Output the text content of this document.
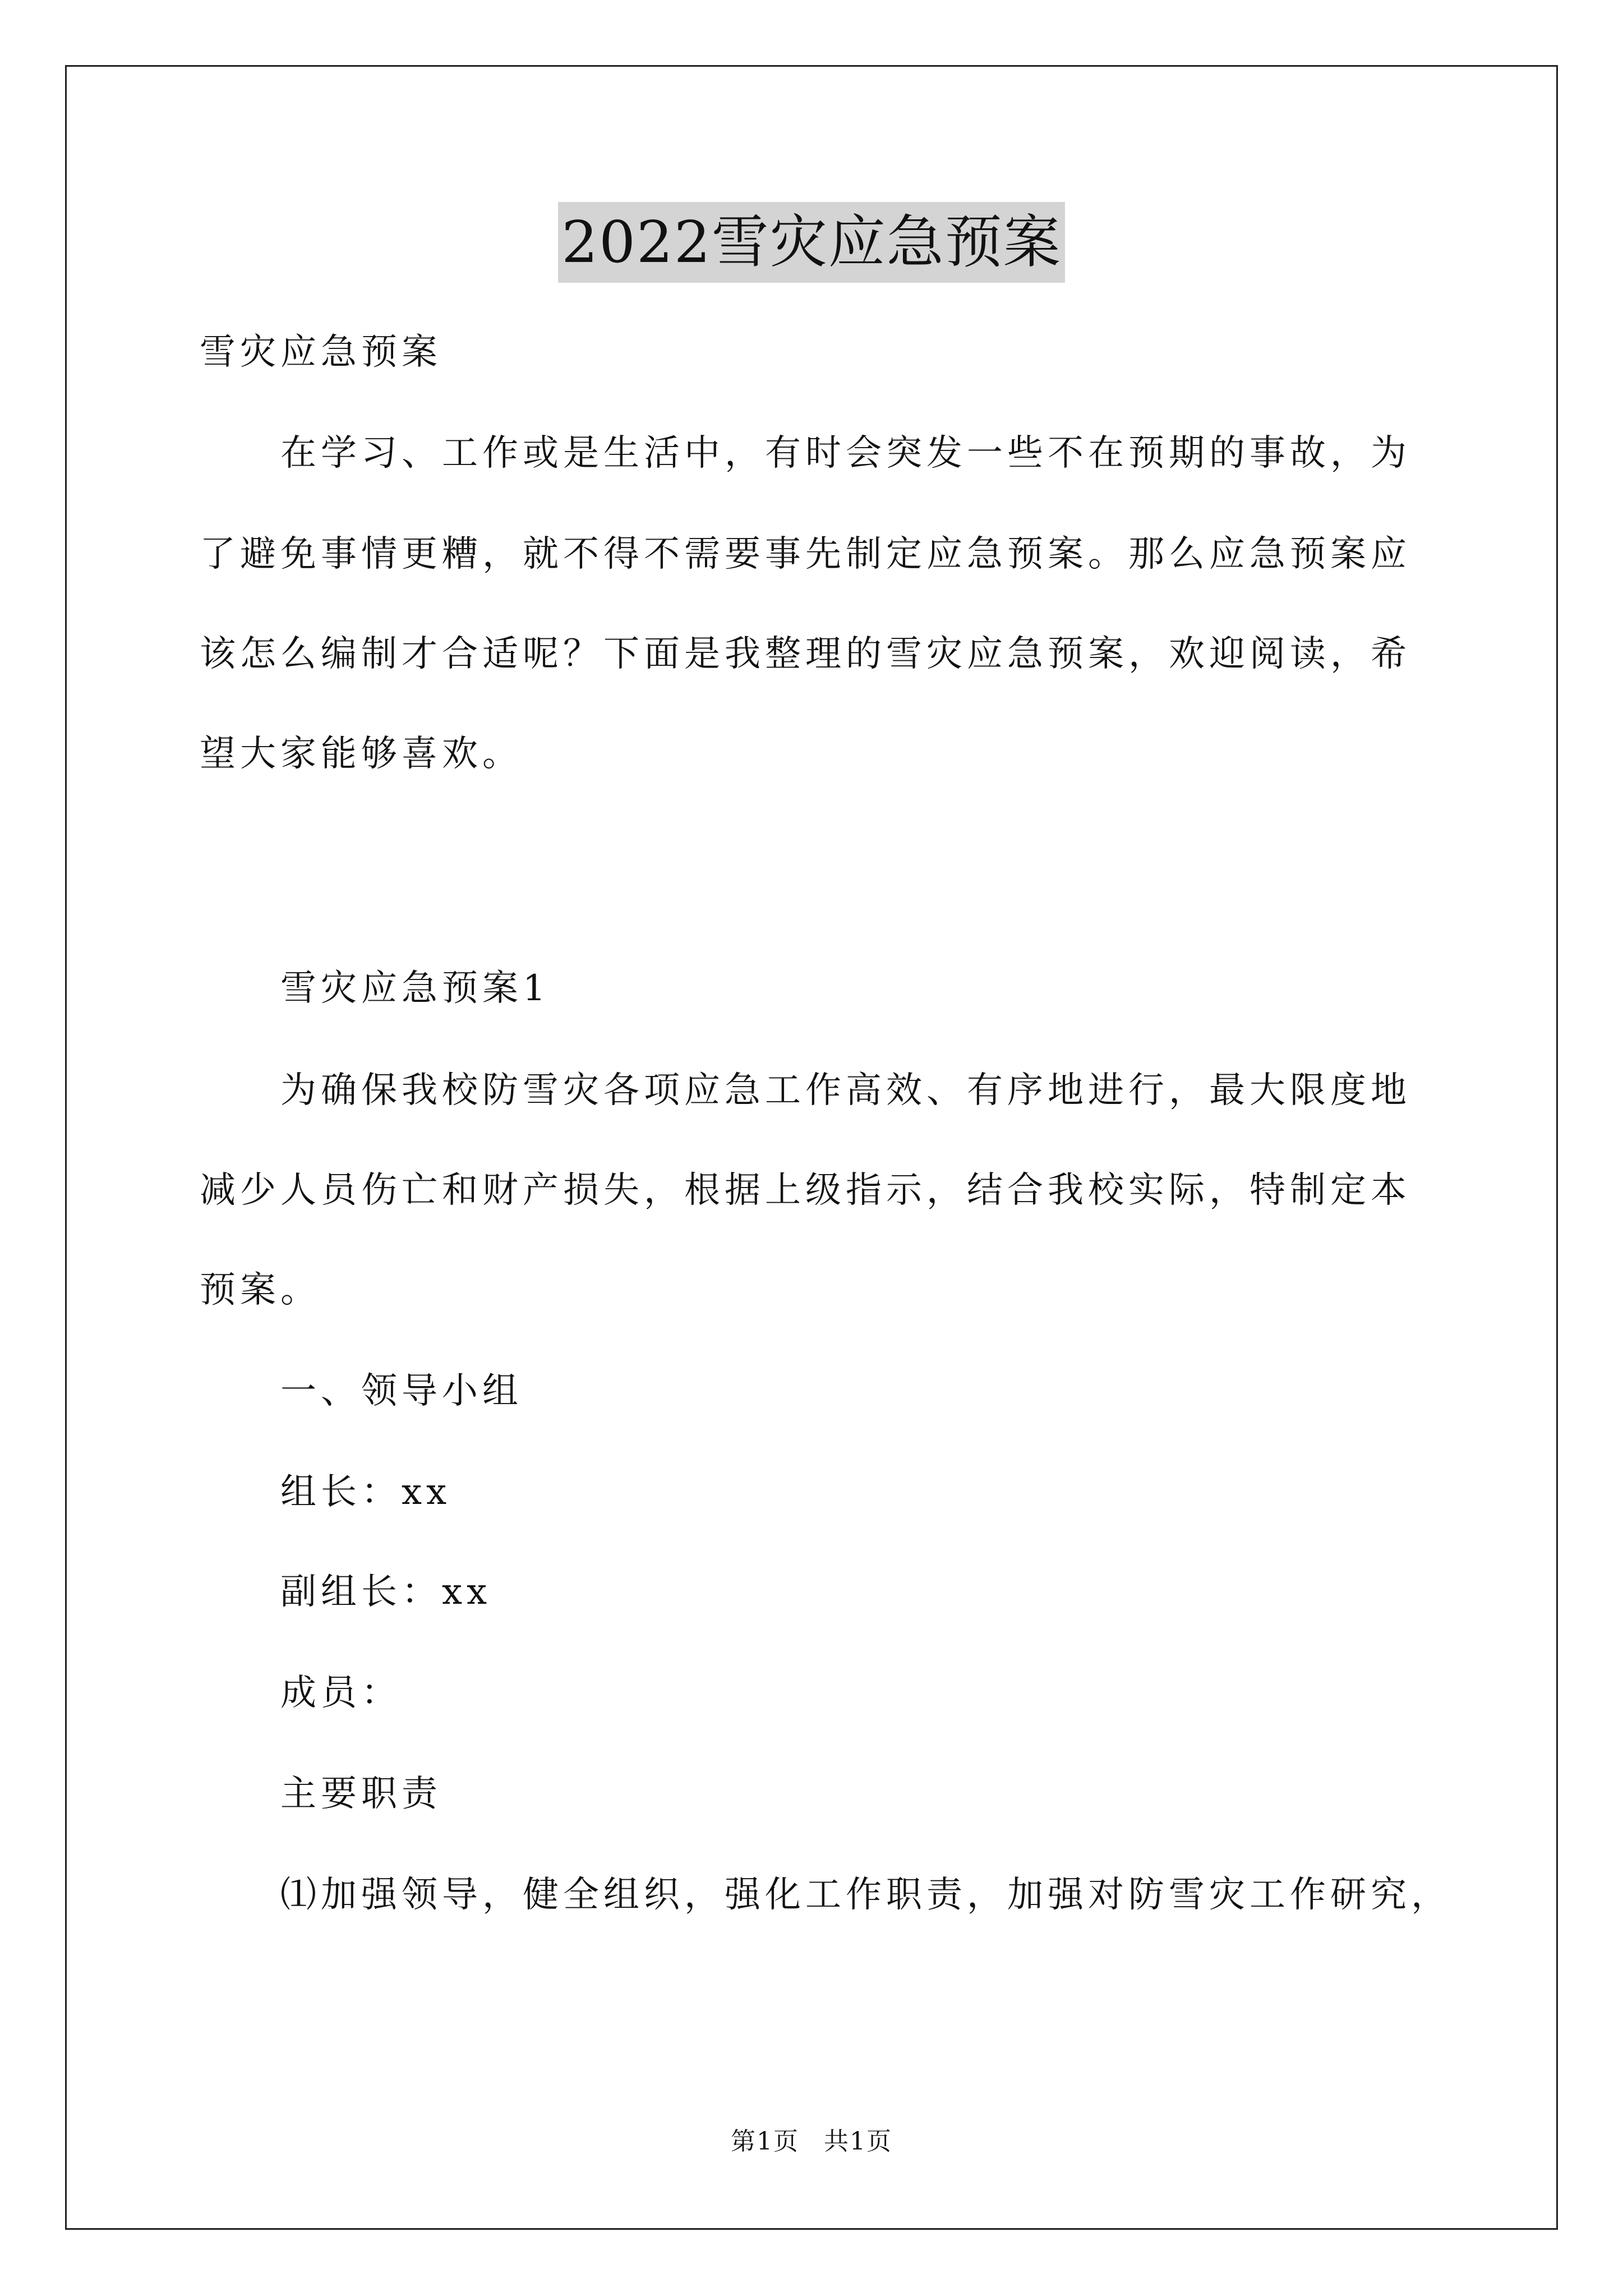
2022雪灾应急预案

雪灾应急预案

在学习、工作或是生活中，有时会突发一些不在预期的事故，为

了避免事情更糟，就不得不需要事先制定应急预案。那么应急预案应

该怎么编制才合适呢？下面是我整理的雪灾应急预案，欢迎阅读，希

望大家能够喜欢。

雪灾应急预案1

为确保我校防雪灾各项应急工作高效、有序地进行，最大限度地

减少人员伤亡和财产损失，根据上级指示，结合我校实际，特制定本

预案。

一、领导小组

组长：xx

副组长：xx

成员：

主要职责

⑴加强领导，健全组织，强化工作职责，加强对防雪灾工作研究，

第1页 共1页
